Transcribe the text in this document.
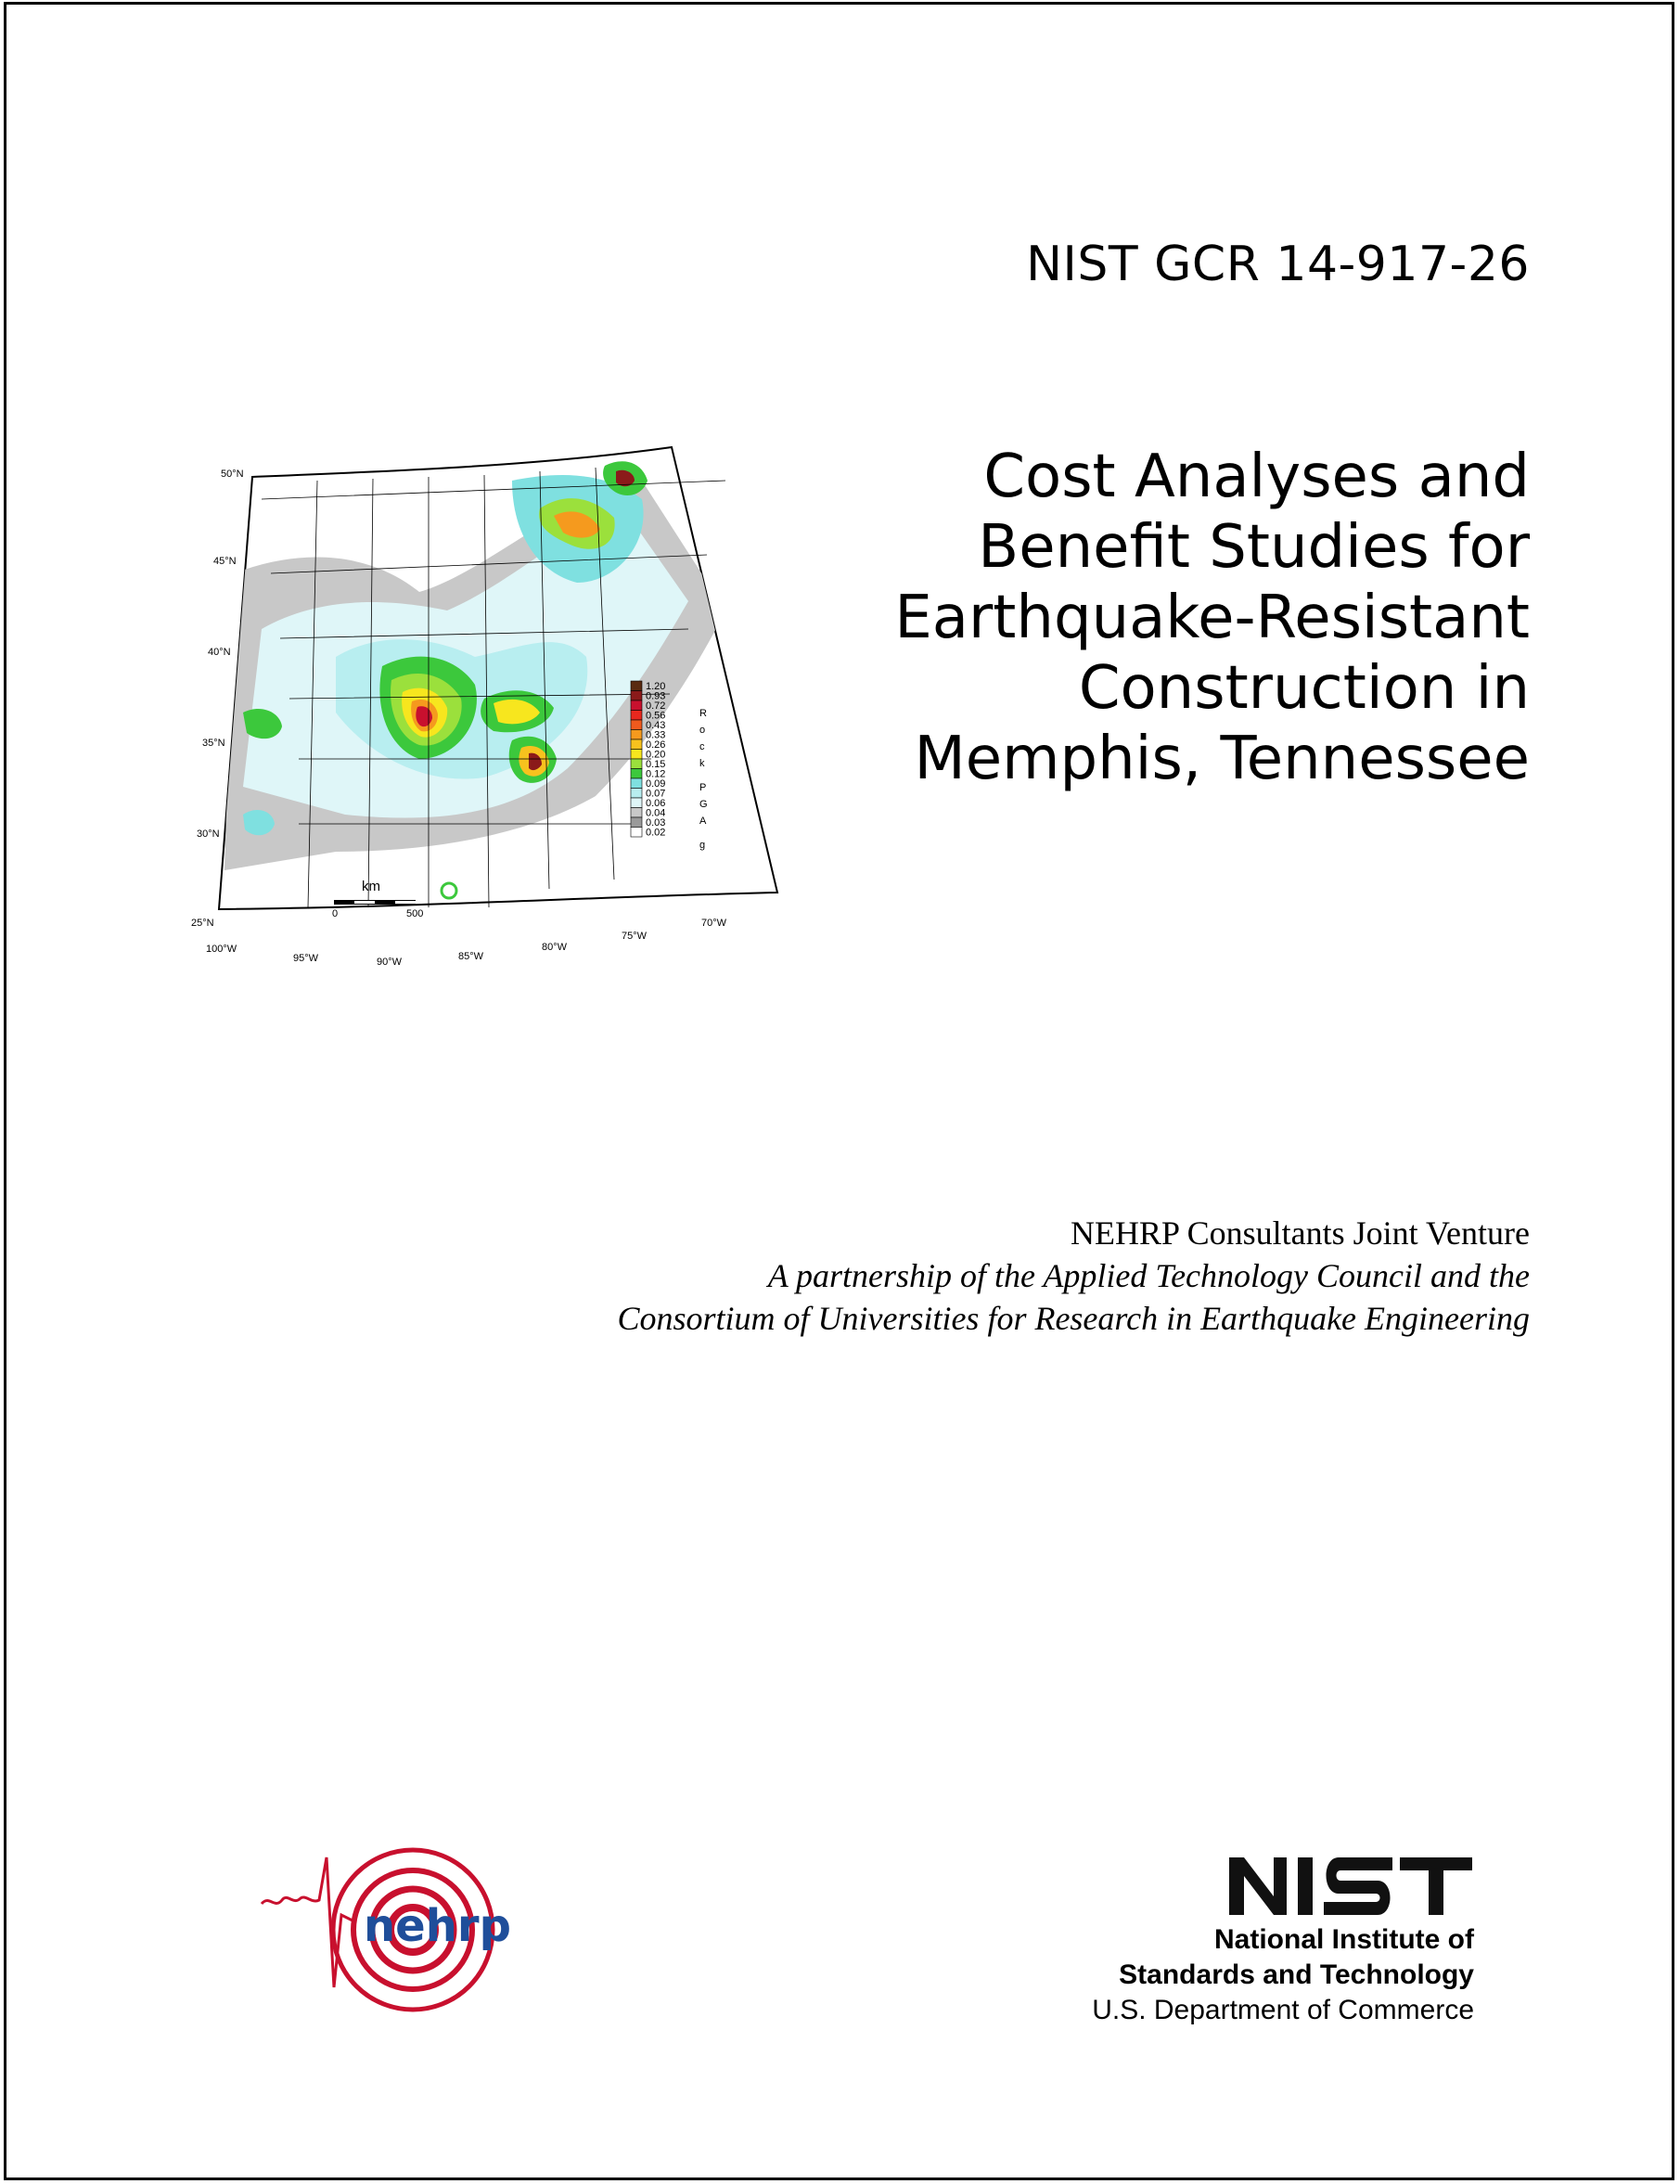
NIST GCR 14-917-26
Cost Analyses and
Benefit Studies for
Earthquake-Resistant
Construction in
Memphis, Tennessee
50°N
45°N
40°N
35°N
30°N
25°N
100°W
95°W	90°W	85°W
80°W
75°W
70°W
1.20
0.93
0.72
0.56
0.43
0.33
0.26
0.20
0.15
0.12
0.09
0.07
0.06
0.04
0.03
0.02
R
o
c
k
P
G
A
g
km
0	500
NEHRP Consultants Joint Venture
A partnership of the Applied Technology Council and the
Consortium of Universities for Research in Earthquake Engineering
nehrp	National Institute of
Standards and Technology
U.S. Department of Commerce
